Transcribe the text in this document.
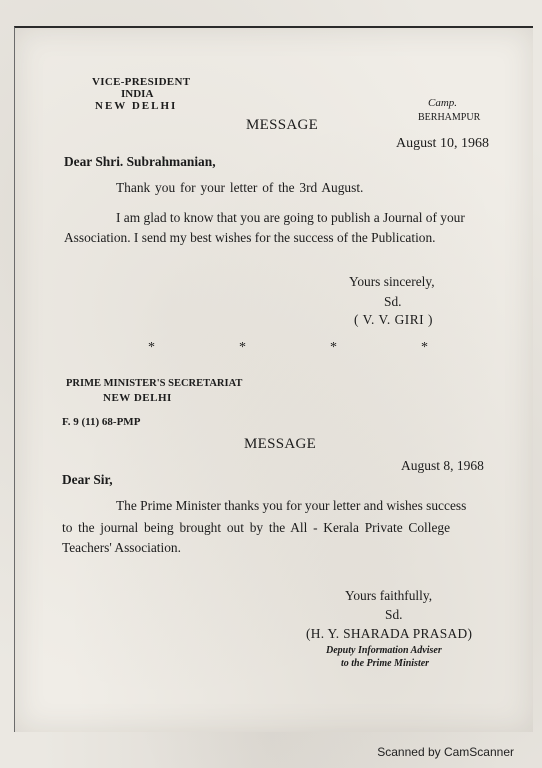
VICE-PRESIDENT

INDIA

NEW DELHI	Camp.

BERHAMPUR

MESSAGE

August 10, 1968

Dear Shri. Subrahmanian,

Thank you for your letter of the 3rd August.

I am glad to know that you are going to publish a Journal of your

Association. I send my best wishes for the success of the Publication.

Yours sincerely,

Sd.

( V. V. GIRI )

*	*	*	*

PRIME MINISTER'S SECRETARIAT

NEW DELHI

F. 9 (11) 68-PMP

MESSAGE

August 8, 1968

Dear Sir,

The Prime Minister thanks you for your letter and wishes success

to the journal being brought out by the All - Kerala Private College

Teachers' Association.

Yours faithfully,

Sd.

(H. Y. SHARADA PRASAD)

Deputy Information Adviser

to the Prime Minister

Scanned by CamScanner
